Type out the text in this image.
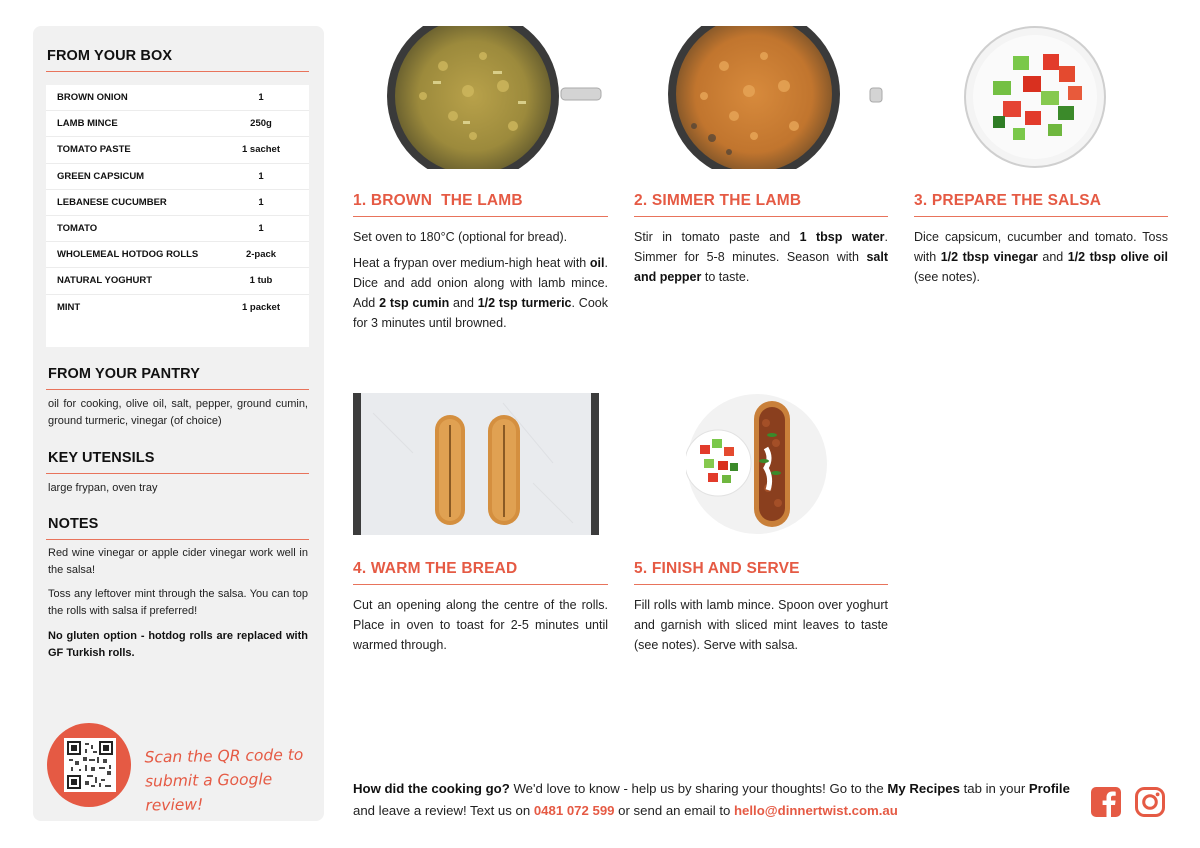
FROM YOUR BOX
BROWN ONION	1
LAMB MINCE	250g
TOMATO PASTE	1 sachet
GREEN CAPSICUM	1
LEBANESE CUCUMBER	1
TOMATO	1
WHOLEMEAL HOTDOG ROLLS	2-pack
NATURAL YOGHURT	1 tub
MINT	1 packet
FROM YOUR PANTRY
oil for cooking, olive oil, salt, pepper, ground cumin, ground turmeric, vinegar (of choice)
KEY UTENSILS
large frypan, oven tray
NOTES
Red wine vinegar or apple cider vinegar work well in the salsa!
Toss any leftover mint through the salsa. You can top the rolls with salsa if preferred!
No gluten option - hotdog rolls are replaced with GF Turkish rolls.
Scan the QR code to
submit a Google review!
1. BROWN  THE LAMB	2. SIMMER THE LAMB	3. PREPARE THE SALSA
4. WARM THE BREAD	5. FINISH AND SERVE

Set oven to 180°C (optional for bread).

Heat a frypan over medium-high heat with oil. Dice and add onion along with lamb mince. Add 2 tsp cumin and 1/2 tsp turmeric. Cook for 3 minutes until browned.

Stir in tomato paste and 1 tbsp water. Simmer for 5-8 minutes. Season with salt and pepper to taste.

Dice capsicum, cucumber and tomato. Toss with 1/2 tbsp vinegar and 1/2 tbsp olive oil (see notes).

Cut an opening along the centre of the rolls. Place in oven to toast for 2-5 minutes until warmed through.

Fill rolls with lamb mince. Spoon over yoghurt and garnish with sliced mint leaves to taste (see notes). Serve with salsa.

How did the cooking go? We'd love to know - help us by sharing your thoughts! Go to the My Recipes tab in your Profile and leave a review! Text us on 0481 072 599 or send an email to hello@dinnertwist.com.au
